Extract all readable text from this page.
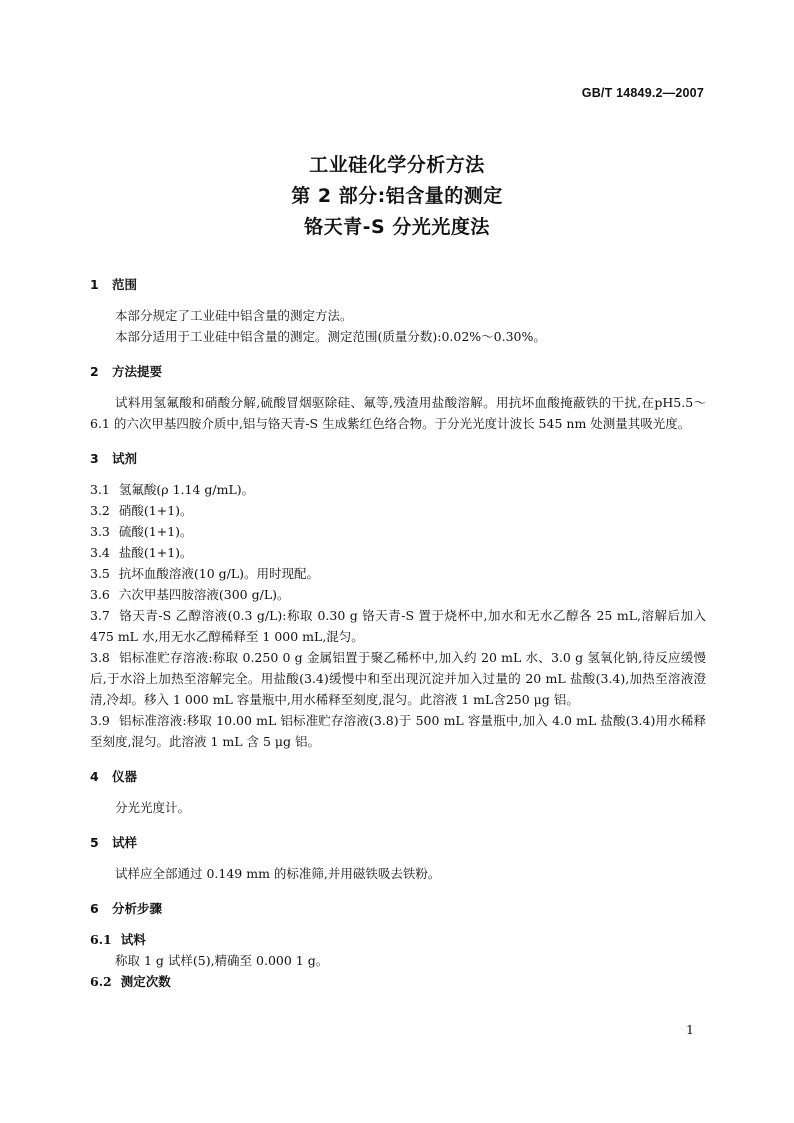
GB/T 14849.2—2007
工业硅化学分析方法
第 2 部分:铝含量的测定
铬天青-S 分光光度法
1 范围

本部分规定了工业硅中铝含量的测定方法。

本部分适用于工业硅中铝含量的测定。测定范围(质量分数):0.02%～0.30%。

2 方法提要

试料用氢氟酸和硝酸分解,硫酸冒烟驱除硅、氟等,残渣用盐酸溶解。用抗坏血酸掩蔽铁的干扰,在pH5.5～6.1 的六次甲基四胺介质中,铝与铬天青-S 生成紫红色络合物。于分光光度计波长 545 nm 处测量其吸光度。

3 试剂

3.1 氢氟酸(ρ 1.14 g/mL)。

3.2 硝酸(1+1)。

3.3 硫酸(1+1)。

3.4 盐酸(1+1)。

3.5 抗坏血酸溶液(10 g/L)。用时现配。

3.6 六次甲基四胺溶液(300 g/L)。

3.7 铬天青-S 乙醇溶液(0.3 g/L):称取 0.30 g 铬天青-S 置于烧杯中,加水和无水乙醇各 25 mL,溶解后加入 475 mL 水,用无水乙醇稀释至 1 000 mL,混匀。

3.8 铝标准贮存溶液:称取 0.250 0 g 金属铝置于聚乙稀杯中,加入约 20 mL 水、3.0 g 氢氧化钠,待反应缓慢后,于水浴上加热至溶解完全。用盐酸(3.4)缓慢中和至出现沉淀并加入过量的 20 mL 盐酸(3.4),加热至溶液澄清,冷却。移入 1 000 mL 容量瓶中,用水稀释至刻度,混匀。此溶液 1 mL含250 μg 铝。

3.9 铝标准溶液:移取 10.00 mL 铝标准贮存溶液(3.8)于 500 mL 容量瓶中,加入 4.0 mL 盐酸(3.4)用水稀释至刻度,混匀。此溶液 1 mL 含 5 μg 铝。

4 仪器

分光光度计。

5 试样

试样应全部通过 0.149 mm 的标准筛,并用磁铁吸去铁粉。

6 分析步骤
6.1 试料

称取 1 g 试样(5),精确至 0.000 1 g。

6.2 测定次数
1
